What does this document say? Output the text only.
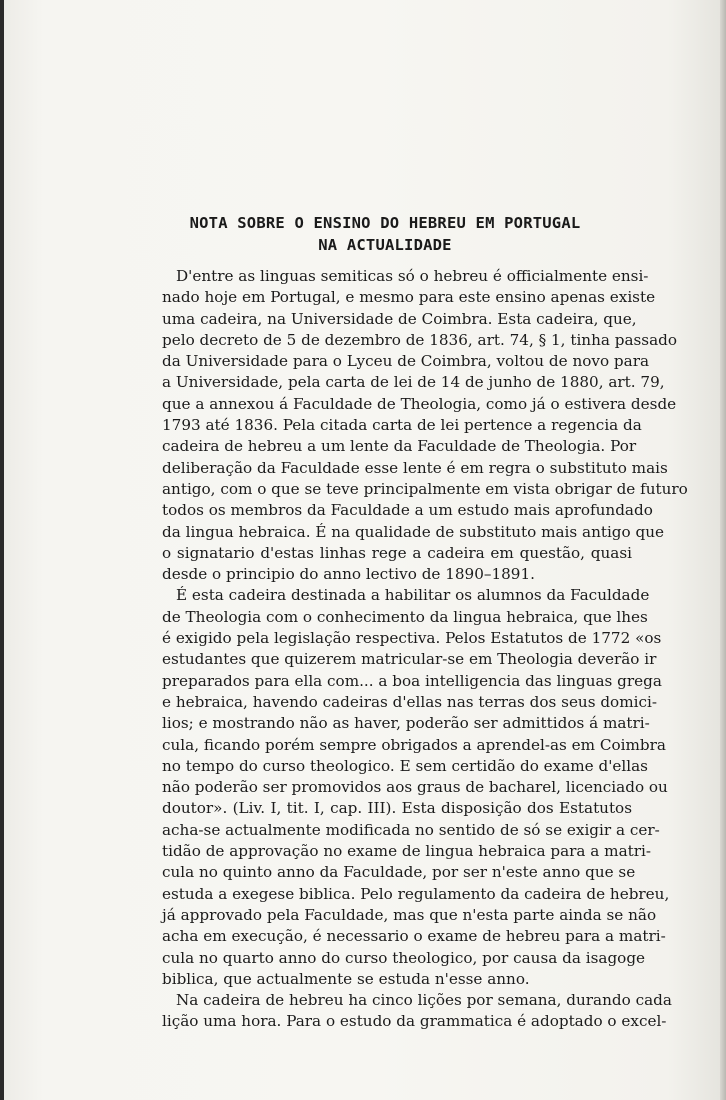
NOTA SOBRE O ENSINO DO HEBREU EM PORTUGAL
NA ACTUALIDADE
D'entre as linguas semiticas só o hebreu é officialmente ensi-
nado hoje em Portugal, e mesmo para este ensino apenas existe
uma cadeira, na Universidade de Coimbra. Esta cadeira, que,
pelo decreto de 5 de dezembro de 1836, art. 74, § 1, tinha passado
da Universidade para o Lyceu de Coimbra, voltou de novo para
a Universidade, pela carta de lei de 14 de junho de 1880, art. 79,
que a annexou á Faculdade de Theologia, como já o estivera desde
1793 até 1836. Pela citada carta de lei pertence a regencia da
cadeira de hebreu a um lente da Faculdade de Theologia. Por
deliberação da Faculdade esse lente é em regra o substituto mais
antigo, com o que se teve principalmente em vista obrigar de futuro
todos os membros da Faculdade a um estudo mais aprofundado
da lingua hebraica. É na qualidade de substituto mais antigo que
o signatario d'estas linhas rege a cadeira em questão, quasi
desde o principio do anno lectivo de 1890–1891.
É esta cadeira destinada a habilitar os alumnos da Faculdade
de Theologia com o conhecimento da lingua hebraica, que lhes
é exigido pela legislação respectiva. Pelos Estatutos de 1772 «os
estudantes que quizerem matricular-se em Theologia deverão ir
preparados para ella com... a boa intelligencia das linguas grega
e hebraica, havendo cadeiras d'ellas nas terras dos seus domici-
lios; e mostrando não as haver, poderão ser admittidos á matri-
cula, ficando porém sempre obrigados a aprendel-as em Coimbra
no tempo do curso theologico. E sem certidão do exame d'ellas
não poderão ser promovidos aos graus de bacharel, licenciado ou
doutor». (Liv. I, tit. I, cap. III). Esta disposição dos Estatutos
acha-se actualmente modificada no sentido de só se exigir a cer-
tidão de approvação no exame de lingua hebraica para a matri-
cula no quinto anno da Faculdade, por ser n'este anno que se
estuda a exegese biblica. Pelo regulamento da cadeira de hebreu,
já approvado pela Faculdade, mas que n'esta parte ainda se não
acha em execução, é necessario o exame de hebreu para a matri-
cula no quarto anno do curso theologico, por causa da isagoge
biblica, que actualmente se estuda n'esse anno.
Na cadeira de hebreu ha cinco lições por semana, durando cada
lição uma hora. Para o estudo da grammatica é adoptado o excel-
